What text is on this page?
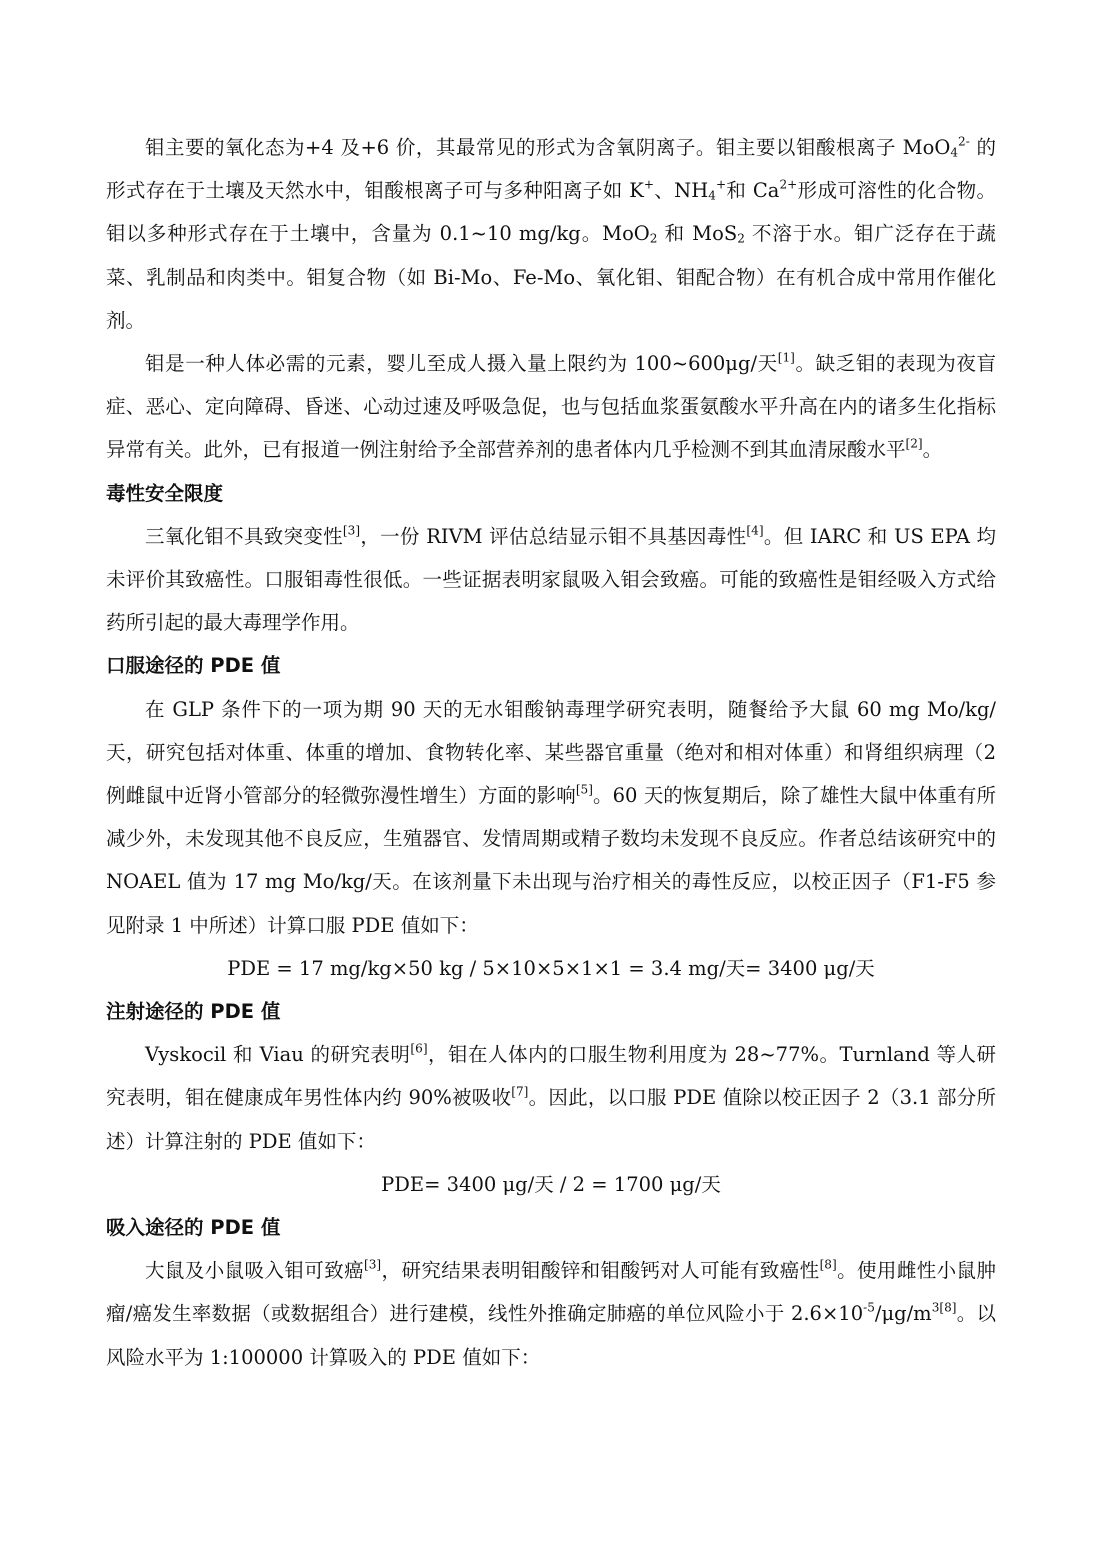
钼主要的氧化态为+4 及+6 价，其最常见的形式为含氧阴离子。钼主要以钼酸根离子 MoO$_4^{2-}$ 的形式存在于土壤及天然水中，钼酸根离子可与多种阳离子如 K+、$NH_4^+$和 $Ca^{2+}$形成可溶性的化合物。钼以多种形式存在于土壤中，含量为 0.1~10 mg/kg。MoO$_2$ 和 MoS$_2$ 不溶于水。钼广泛存在于蔬菜、乳制品和肉类中。钼复合物（如 Bi-Mo、Fe-Mo、氧化钼、钼配合物）在有机合成中常用作催化剂。

钼是一种人体必需的元素，婴儿至成人摄入量上限约为 100~600μg/天[1]。缺乏钼的表现为夜盲症、恶心、定向障碍、昏迷、心动过速及呼吸急促，也与包括血浆蛋氨酸水平升高在内的诸多生化指标异常有关。此外，已有报道一例注射给予全部营养剂的患者体内几乎检测不到其血清尿酸水平[2]。

毒性安全限度

三氧化钼不具致突变性[3]，一份 RIVM 评估总结显示钼不具基因毒性[4]。但 IARC 和 US EPA 均未评价其致癌性。口服钼毒性很低。一些证据表明家鼠吸入钼会致癌。可能的致癌性是钼经吸入方式给药所引起的最大毒理学作用。

口服途径的 PDE 值

在 GLP 条件下的一项为期 90 天的无水钼酸钠毒理学研究表明，随餐给予大鼠 60 mg Mo/kg/天，研究包括对体重、体重的增加、食物转化率、某些器官重量（绝对和相对体重）和肾组织病理（2 例雌鼠中近肾小管部分的轻微弥漫性增生）方面的影响[5]。60 天的恢复期后，除了雄性大鼠中体重有所减少外，未发现其他不良反应，生殖器官、发情周期或精子数均未发现不良反应。作者总结该研究中的 NOAEL 值为 17 mg Mo/kg/天。在该剂量下未出现与治疗相关的毒性反应，以校正因子（F1-F5 参见附录 1 中所述）计算口服 PDE 值如下：

PDE = 17 mg/kg×50 kg / 5×10×5×1×1 = 3.4 mg/天= 3400 μg/天

注射途径的 PDE 值

Vyskocil 和 Viau 的研究表明[6]，钼在人体内的口服生物利用度为 28~77%。Turnland 等人研究表明，钼在健康成年男性体内约 90%被吸收[7]。因此，以口服 PDE 值除以校正因子 2（3.1 部分所述）计算注射的 PDE 值如下：

PDE= 3400 μg/天 / 2 = 1700 μg/天

吸入途径的 PDE 值

大鼠及小鼠吸入钼可致癌[3]，研究结果表明钼酸锌和钼酸钙对人可能有致癌性[8]。使用雌性小鼠肿瘤/癌发生率数据（或数据组合）进行建模，线性外推确定肺癌的单位风险小于 $2.6\times 10^{-5}/\mu g/m^{3[8]}$。以风险水平为 1:100000 计算吸入的 PDE 值如下：
